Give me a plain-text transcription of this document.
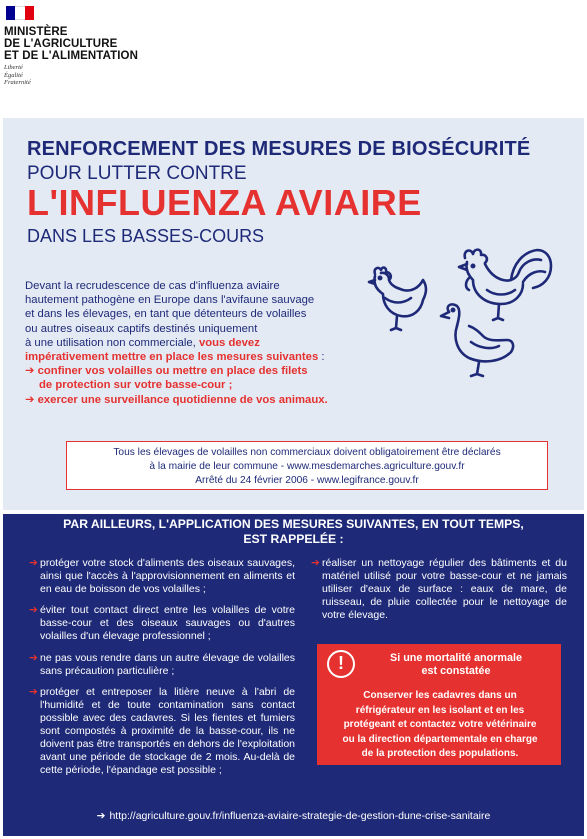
MINISTÈRE
DE L'AGRICULTURE
ET DE L'ALIMENTATION
Liberté
Égalité
Fraternité
RENFORCEMENT DES MESURES DE BIOSÉCURITÉ
POUR LUTTER CONTRE
L'INFLUENZA AVIAIRE
DANS LES BASSES-COURS
Devant la recrudescence de cas d'influenza aviaire
hautement pathogène en Europe dans l'avifaune sauvage
et dans les élevages, en tant que détenteurs de volailles
ou autres oiseaux captifs destinés uniquement
à une utilisation non commerciale, vous devez
impérativement mettre en place les mesures suivantes :
➔ confiner vos volailles ou mettre en place des filets
de protection sur votre basse-cour ;
➔ exercer une surveillance quotidienne de vos animaux.
Tous les élevages de volailles non commerciaux doivent obligatoirement être déclarés
à la mairie de leur commune - www.mesdemarches.agriculture.gouv.fr
Arrêté du 24 février 2006 - www.legifrance.gouv.fr
PAR AILLEURS, L'APPLICATION DES MESURES SUIVANTES, EN TOUT TEMPS,
EST RAPPELÉE :
➔ protéger votre stock d'aliments des oiseaux sauvages, ainsi que l'accès à l'approvisionnement en aliments et en eau de boisson de vos volailles ;
➔ éviter tout contact direct entre les volailles de votre basse-cour et des oiseaux sauvages ou d'autres volailles d'un élevage professionnel ;
➔ ne pas vous rendre dans un autre élevage de volailles sans précaution particulière ;
➔ protéger et entreposer la litière neuve à l'abri de l'humidité et de toute contamination sans contact possible avec des cadavres. Si les fientes et fumiers sont compostés à proximité de la basse-cour, ils ne doivent pas être transportés en dehors de l'exploitation avant une période de stockage de 2 mois. Au-delà de cette période, l'épandage est possible ;
➔ réaliser un nettoyage régulier des bâtiments et du matériel utilisé pour votre basse-cour et ne jamais utiliser d'eaux de surface : eaux de mare, de ruisseau, de pluie collectée pour le nettoyage de votre élevage.
!	Si une mortalité anormale
est constatée
Conserver les cadavres dans un
réfrigérateur en les isolant et en les
protégeant et contactez votre vétérinaire
ou la direction départementale en charge
de la protection des populations.
➔ http://agriculture.gouv.fr/influenza-aviaire-strategie-de-gestion-dune-crise-sanitaire
